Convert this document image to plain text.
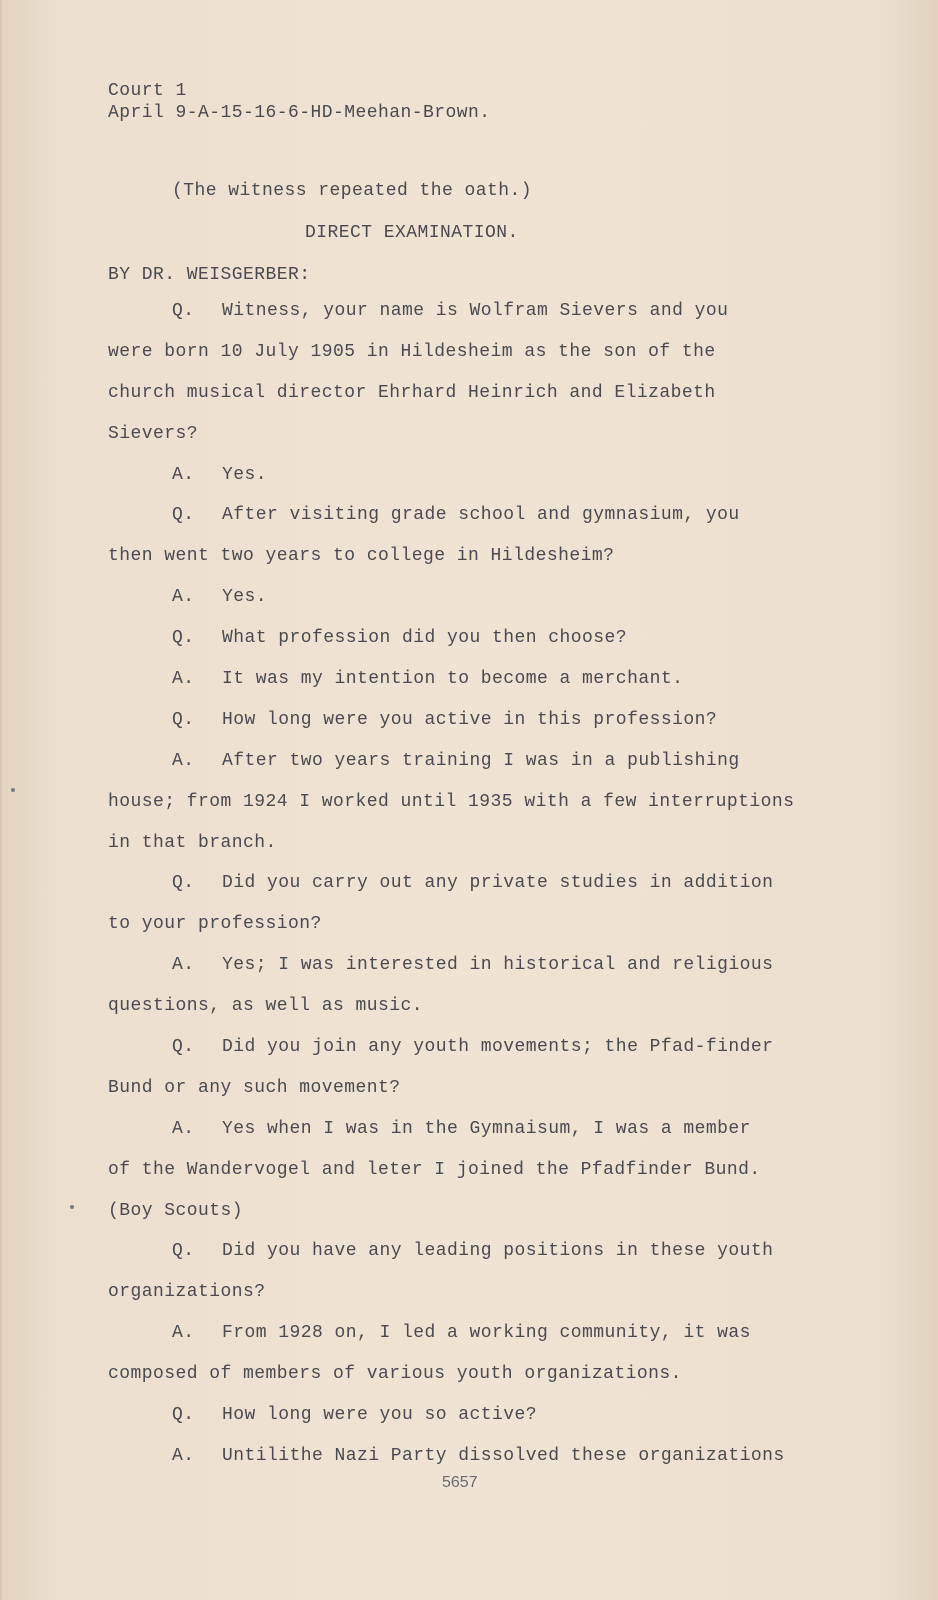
Court 1
April 9-A-15-16-6-HD-Meehan-Brown.
(The witness repeated the oath.)
DIRECT EXAMINATION.
BY DR. WEISGERBER:
Q. Witness, your name is Wolfram Sievers and you
were born 10 July 1905 in Hildesheim as the son of the
church musical director Ehrhard Heinrich and Elizabeth
Sievers?
A. Yes.
Q. After visiting grade school and gymnasium, you
then went two years to college in Hildesheim?
A. Yes.
Q. What profession did you then choose?
A. It was my intention to become a merchant.
Q. How long were you active in this profession?
A. After two years training I was in a publishing
house; from 1924 I worked until 1935 with a few interruptions
in that branch.
Q. Did you carry out any private studies in addition
to your profession?
A. Yes; I was interested in historical and religious
questions, as well as music.
Q. Did you join any youth movements; the Pfad-finder
Bund or any such movement?
A. Yes when I was in the Gymnaisum, I was a member
of the Wandervogel and leter I joined the Pfadfinder Bund.
(Boy Scouts)
Q. Did you have any leading positions in these youth
organizations?
A. From 1928 on, I led a working community, it was
composed of members of various youth organizations.
Q. How long were you so active?
A. Untilithe Nazi Party dissolved these organizations
5657
